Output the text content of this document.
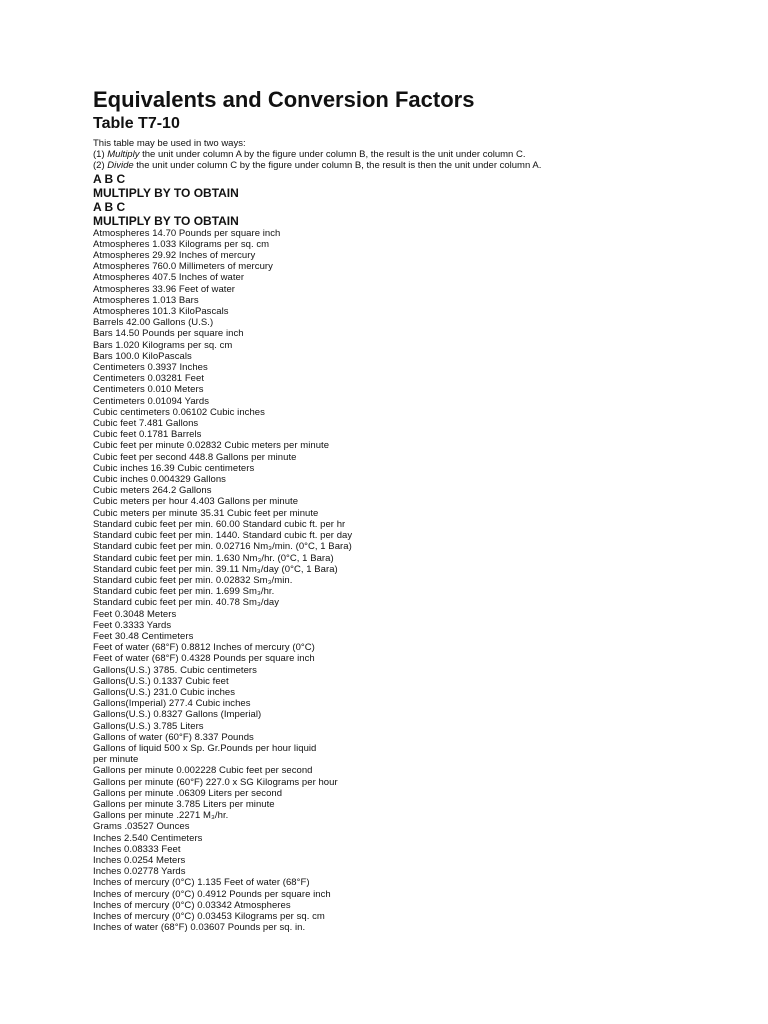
Equivalents and Conversion Factors
Table T7-10
This table may be used in two ways:
(1) Multiply the unit under column A by the figure under column B, the result is the unit under column C.
(2) Divide the unit under column C by the figure under column B, the result is then the unit under column A.
A B C
MULTIPLY BY TO OBTAIN
A B C
MULTIPLY BY TO OBTAIN
Atmospheres 14.70 Pounds per square inch
Atmospheres 1.033 Kilograms per sq. cm
Atmospheres 29.92 Inches of mercury
Atmospheres 760.0 Millimeters of mercury
Atmospheres 407.5 Inches of water
Atmospheres 33.96 Feet of water
Atmospheres 1.013 Bars
Atmospheres 101.3 KiloPascals
Barrels 42.00 Gallons (U.S.)
Bars 14.50 Pounds per square inch
Bars 1.020 Kilograms per sq. cm
Bars 100.0 KiloPascals
Centimeters 0.3937 Inches
Centimeters 0.03281 Feet
Centimeters 0.010 Meters
Centimeters 0.01094 Yards
Cubic centimeters 0.06102 Cubic inches
Cubic feet 7.481 Gallons
Cubic feet 0.1781 Barrels
Cubic feet per minute 0.02832 Cubic meters per minute
Cubic feet per second 448.8 Gallons per minute
Cubic inches 16.39 Cubic centimeters
Cubic inches 0.004329 Gallons
Cubic meters 264.2 Gallons
Cubic meters per hour 4.403 Gallons per minute
Cubic meters per minute 35.31 Cubic feet per minute
Standard cubic feet per min. 60.00 Standard cubic ft. per hr
Standard cubic feet per min. 1440. Standard cubic ft. per day
Standard cubic feet per min. 0.02716 Nm₃/min. (0°C, 1 Bara)
Standard cubic feet per min. 1.630 Nm₃/hr. (0°C, 1 Bara)
Standard cubic feet per min. 39.11 Nm₃/day (0°C, 1 Bara)
Standard cubic feet per min. 0.02832 Sm₃/min.
Standard cubic feet per min. 1.699 Sm₃/hr.
Standard cubic feet per min. 40.78 Sm₃/day
Feet 0.3048 Meters
Feet 0.3333 Yards
Feet 30.48 Centimeters
Feet of water (68°F) 0.8812 Inches of mercury (0°C)
Feet of water (68°F) 0.4328 Pounds per square inch
Gallons(U.S.) 3785. Cubic centimeters
Gallons(U.S.) 0.1337 Cubic feet
Gallons(U.S.) 231.0 Cubic inches
Gallons(Imperial) 277.4 Cubic inches
Gallons(U.S.) 0.8327 Gallons (Imperial)
Gallons(U.S.) 3.785 Liters
Gallons of water (60°F) 8.337 Pounds
Gallons of liquid 500 x Sp. Gr.Pounds per hour liquid
per minute
Gallons per minute 0.002228 Cubic feet per second
Gallons per minute (60°F) 227.0 x SG Kilograms per hour
Gallons per minute .06309 Liters per second
Gallons per minute 3.785 Liters per minute
Gallons per minute .2271 M₃/hr.
Grams .03527 Ounces
Inches 2.540 Centimeters
Inches 0.08333 Feet
Inches 0.0254 Meters
Inches 0.02778 Yards
Inches of mercury (0°C) 1.135 Feet of water (68°F)
Inches of mercury (0°C) 0.4912 Pounds per square inch
Inches of mercury (0°C) 0.03342 Atmospheres
Inches of mercury (0°C) 0.03453 Kilograms per sq. cm
Inches of water (68°F) 0.03607 Pounds per sq. in.
